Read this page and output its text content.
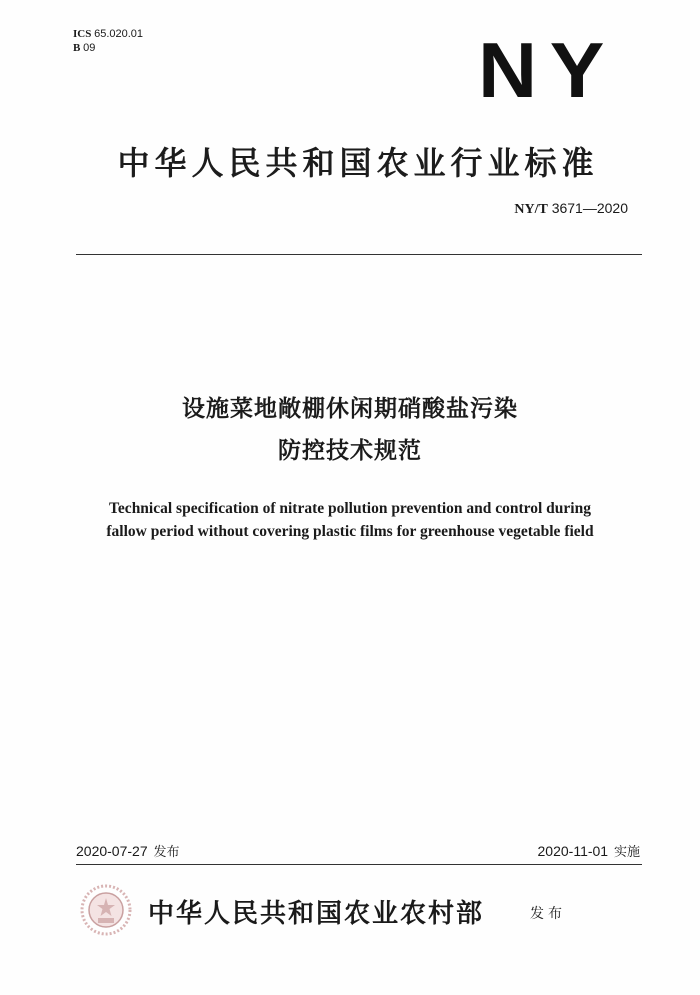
ICS 65.020.01
B 09	NY
中华人民共和国农业行业标准
NY/T 3671—2020
设施菜地敞棚休闲期硝酸盐污染
防控技术规范
Technical specification of nitrate pollution prevention and control during
fallow period without covering plastic films for greenhouse vegetable field
2020-07-27 发布	2020-11-01 实施
中华人民共和国农业农村部	发布
